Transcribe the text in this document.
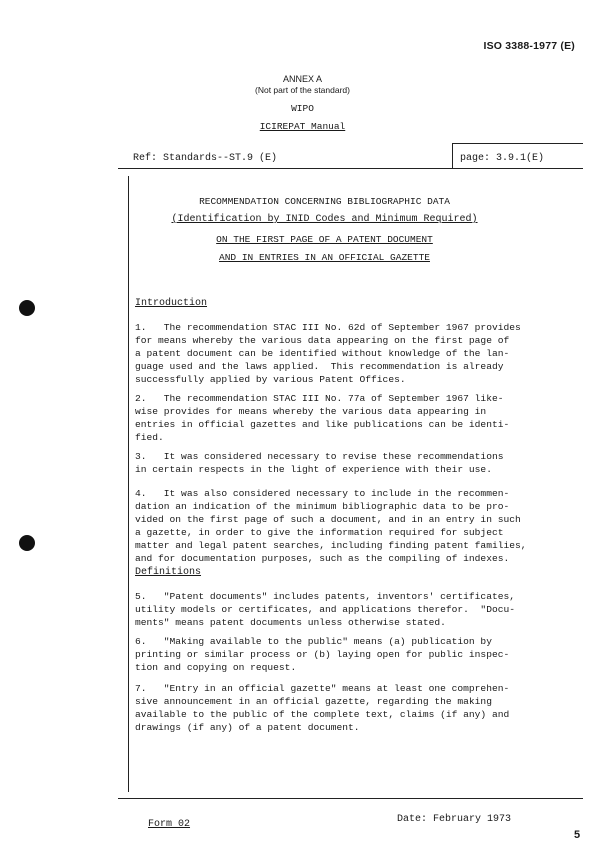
ISO 3388-1977 (E)
ANNEX A
(Not part of the standard)
WIPO
ICIREPAT Manual
Ref: Standards--ST.9 (E)	page: 3.9.1(E)
RECOMMENDATION CONCERNING BIBLIOGRAPHIC DATA
(Identification by INID Codes and Minimum Required)
ON THE FIRST PAGE OF A PATENT DOCUMENT
AND IN ENTRIES IN AN OFFICIAL GAZETTE
Introduction

1.   The recommendation STAC III No. 62d of September 1967 provides
for means whereby the various data appearing on the first page of
a patent document can be identified without knowledge of the lan-
guage used and the laws applied.  This recommendation is already
successfully applied by various Patent Offices.

2.   The recommendation STAC III No. 77a of September 1967 like-
wise provides for means whereby the various data appearing in
entries in official gazettes and like publications can be identi-
fied.

3.   It was considered necessary to revise these recommendations
in certain respects in the light of experience with their use.

4.   It was also considered necessary to include in the recommen-
dation an indication of the minimum bibliographic data to be pro-
vided on the first page of such a document, and in an entry in such
a gazette, in order to give the information required for subject
matter and legal patent searches, including finding patent families,
and for documentation purposes, such as the compiling of indexes.

Definitions

5.   "Patent documents" includes patents, inventors' certificates,
utility models or certificates, and applications therefor.  "Docu-
ments" means patent documents unless otherwise stated.

6.   "Making available to the public" means (a) publication by
printing or similar process or (b) laying open for public inspec-
tion and copying on request.

7.   "Entry in an official gazette" means at least one comprehen-
sive announcement in an official gazette, regarding the making
available to the public of the complete text, claims (if any) and
drawings (if any) of a patent document.

Form 02	Date: February 1973
5
